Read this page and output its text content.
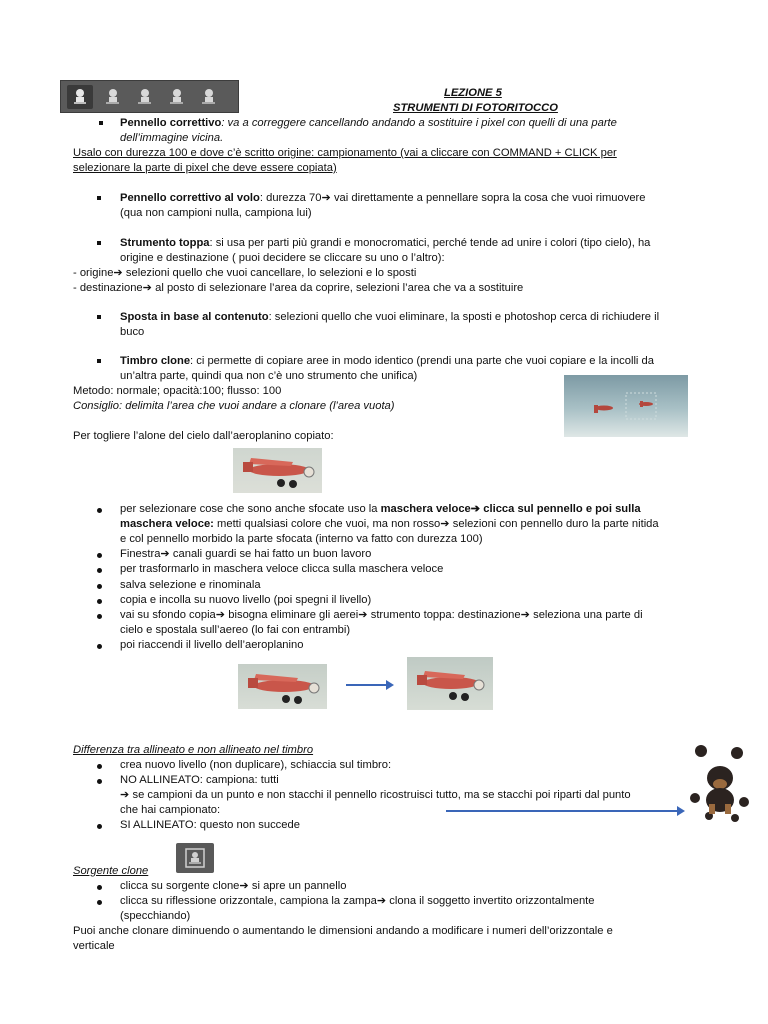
LEZIONE 5
STRUMENTI DI FOTORITOCCO
Pennello correttivo: va a correggere cancellando andando a sostituire i pixel con quelli di una parte
dell’immagine vicina.
Usalo con durezza 100 e dove c’è scritto origine: campionamento (vai a cliccare con COMMAND + CLICK per
selezionare la parte di pixel che deve essere copiata)
Pennello correttivo al volo: durezza 70➔ vai direttamente a pennellare sopra la cosa che vuoi rimuovere
(qua non campioni nulla, campiona lui)
Strumento toppa: si usa per parti più grandi e monocromatici, perché tende ad unire i colori (tipo cielo), ha
origine e destinazione ( puoi decidere se cliccare su uno o l’altro):
- origine➔ selezioni quello che vuoi cancellare, lo selezioni e lo sposti
- destinazione➔ al posto di selezionare l’area da coprire, selezioni l’area che va a sostituire
Sposta in base al contenuto: selezioni quello che vuoi eliminare, la sposti e photoshop cerca di richiudere il
buco
Timbro clone: ci permette di copiare aree in modo identico (prendi una parte che vuoi copiare e la incolli da
un’altra parte, quindi qua non c’è uno strumento che unifica)
Metodo: normale; opacità:100; flusso: 100
Consiglio: delimita l’area che vuoi andare a clonare (l’area vuota)
Per togliere l’alone del cielo dall’aeroplanino copiato:
per selezionare cose che sono anche sfocate uso la maschera veloce➔ clicca sul pennello e poi sulla
maschera veloce: metti qualsiasi colore che vuoi, ma non rosso➔ selezioni con pennello duro la parte nitida
e col pennello morbido la parte sfocata (interno va fatto con durezza 100)
Finestra➔ canali guardi se hai fatto un buon lavoro
per trasformarlo in maschera veloce clicca sulla maschera veloce
salva selezione e rinominala
copia e incolla su nuovo livello (poi spegni il livello)
vai su sfondo copia➔ bisogna eliminare gli aerei➔ strumento toppa: destinazione➔ seleziona una parte di
cielo e spostala sull’aereo (lo fai con entrambi)
poi riaccendi il livello dell’aeroplanino
Differenza tra allineato e non allineato nel timbro
crea nuovo livello (non duplicare), schiaccia sul timbro:
NO ALLINEATO: campiona: tutti
➔ se campioni da un punto e non stacchi il pennello ricostruisci tutto, ma se stacchi poi riparti dal punto
che hai campionato:
SI ALLINEATO: questo non succede
Sorgente clone
clicca su sorgente clone➔ si apre un pannello
clicca su riflessione orizzontale, campiona la zampa➔ clona il soggetto invertito orizzontalmente
(specchiando)
Puoi anche clonare diminuendo o aumentando le dimensioni andando a modificare i numeri dell’orizzontale e
verticale
